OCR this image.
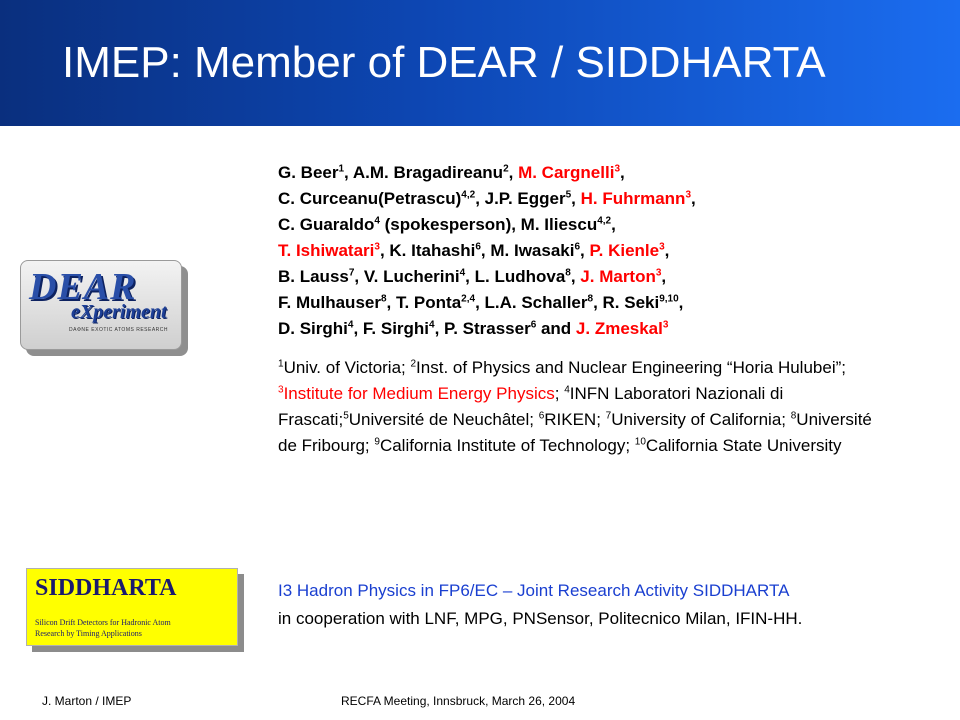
IMEP: Member of DEAR / SIDDHARTA
DEAR
eXperiment
DAΦNE EXOTIC ATOMS RESEARCH
G. Beer$^1$, A.M. Bragadireanu$^2$, M. Cargnelli$^3$,
C. Curceanu(Petrascu)$^{4,2}$, J.P. Egger$^5$, H. Fuhrmann$^3$,
C. Guaraldo$^4$ (spokesperson), M. Iliescu$^{4,2}$,
T. Ishiwatari$^3$, K. Itahashi$^6$, M. Iwasaki$^6$, P. Kienle$^3$,
B. Lauss$^7$, V. Lucherini$^4$, L. Ludhova$^8$, J. Marton$^3$,
F. Mulhauser$^8$, T. Ponta$^{2,4}$, L.A. Schaller$^8$, R. Seki$^{9,10}$,
D. Sirghi$^4$, F. Sirghi$^4$, P. Strasser$^6$ and J. Zmeskal$^3$
$^1$Univ. of Victoria; $^2$Inst. of Physics and Nuclear Engineering “Horia Hulubei”; $^3$Institute for Medium Energy Physics; $^4$INFN Laboratori Nazionali di Frascati;$^5$Université de Neuchâtel; $^6$RIKEN; $^7$University of California; $^8$Université de Fribourg; $^9$California Institute of Technology; $^{10}$California State University
SIDDHARTA
Silicon Drift Detectors for Hadronic Atom
Research by Timing Applications
I3 Hadron Physics in FP6/EC – Joint Research Activity SIDDHARTA
in cooperation with LNF, MPG, PNSensor, Politecnico Milan, IFIN-HH.
J. Marton / IMEP	RECFA Meeting, Innsbruck, March 26, 2004
